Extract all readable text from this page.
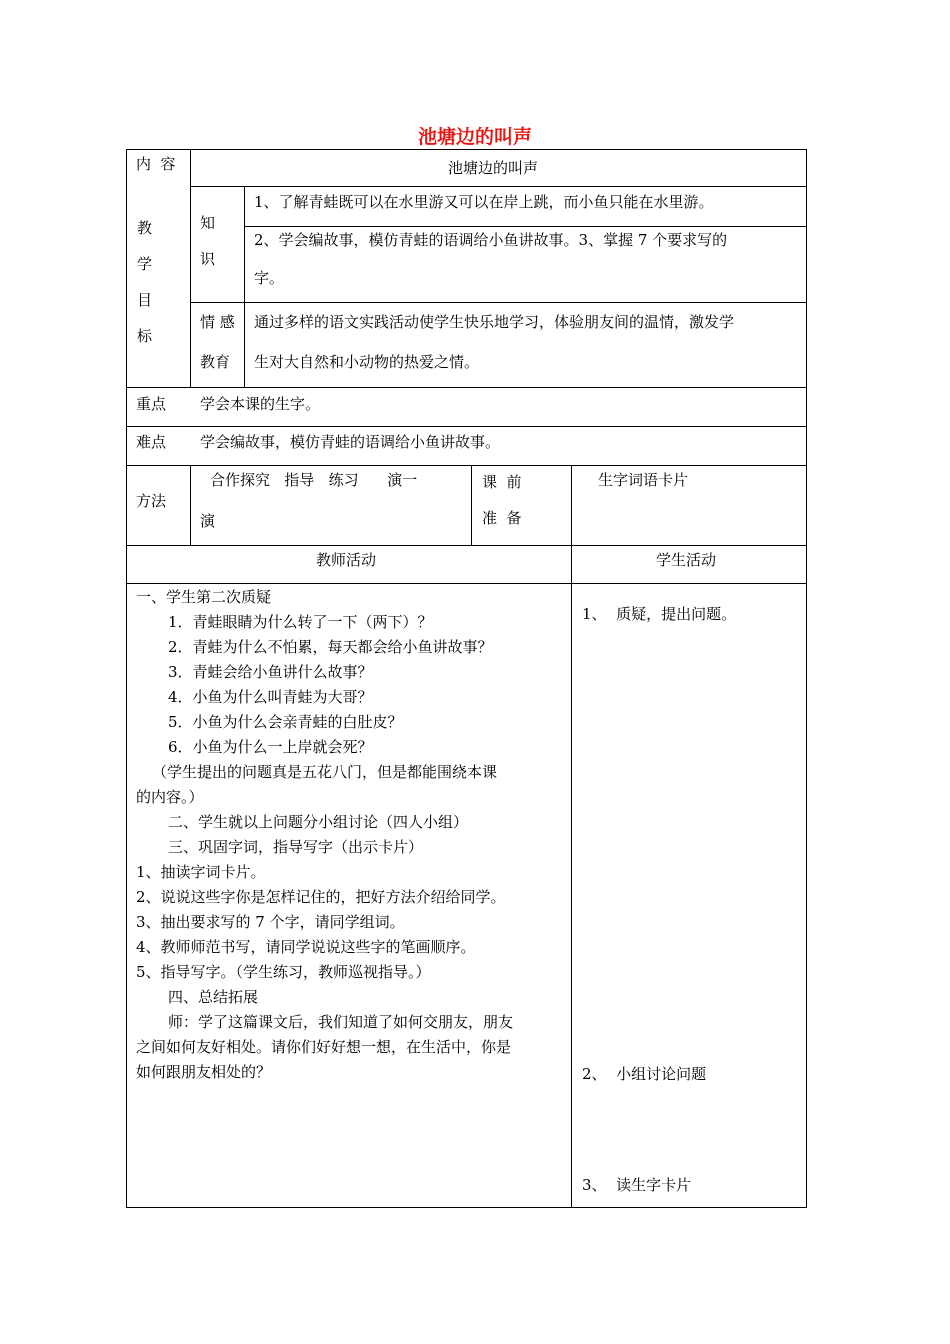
池塘边的叫声
内  容	池塘边的叫声
教
学
目
标
知
识
1、了解青蛙既可以在水里游又可以在岸上跳，而小鱼只能在水里游。
2、学会编故事，模仿青蛙的语调给小鱼讲故事。3、掌握 7 个要求写的
字。
情 感
教育
通过多样的语文实践活动使学生快乐地学习，体验朋友间的温情，激发学
生对大自然和小动物的热爱之情。
重点 学会本课的生字。
难点 学会编故事，模仿青蛙的语调给小鱼讲故事。
方法
合作探究   指导   练习      演一
演
课  前
准  备
生字词语卡片
教师活动	学生活动
一、学生第二次质疑
1．青蛙眼睛为什么转了一下（两下）？
2．青蛙为什么不怕累，每天都会给小鱼讲故事？
3．青蛙会给小鱼讲什么故事？
4．小鱼为什么叫青蛙为大哥？
5．小鱼为什么会亲青蛙的白肚皮？
6．小鱼为什么一上岸就会死？
（学生提出的问题真是五花八门，但是都能围绕本课
的内容。）
二、学生就以上问题分小组讨论（四人小组）
三、巩固字词，指导写字（出示卡片）
1、抽读字词卡片。
2、说说这些字你是怎样记住的，把好方法介绍给同学。
3、抽出要求写的 7 个字，请同学组词。
4、教师师范书写，请同学说说这些字的笔画顺序。
5、指导写字。（学生练习，教师巡视指导。）
四、总结拓展
师：学了这篇课文后，我们知道了如何交朋友，朋友
之间如何友好相处。请你们好好想一想，在生活中，你是
如何跟朋友相处的？
1、  质疑，提出问题。
2、  小组讨论问题
3、  读生字卡片
